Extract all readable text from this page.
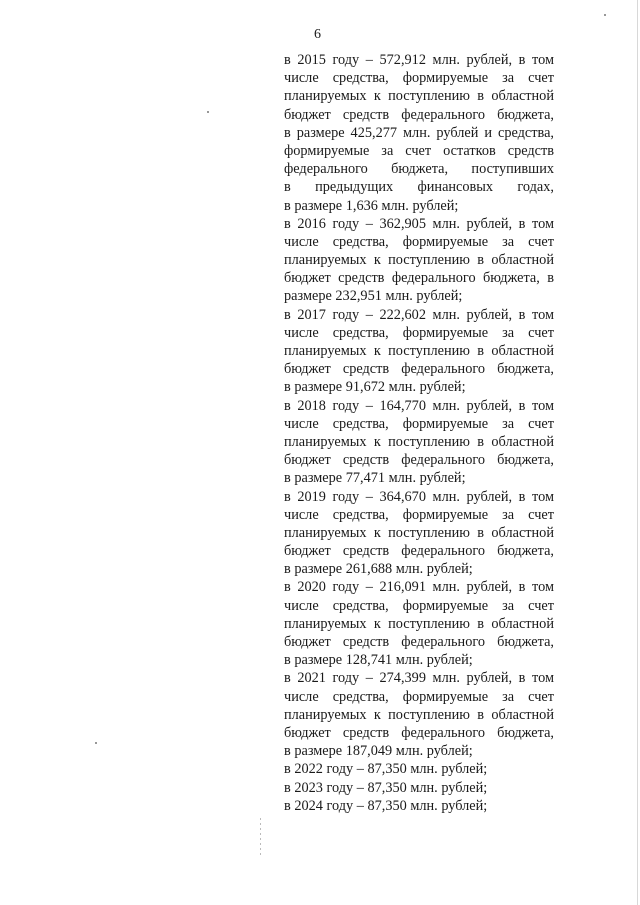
6
в 2015 году – 572,912 млн. рублей, в том
числе средства, формируемые за счет
планируемых к поступлению в областной
бюджет средств федерального бюджета,
в размере 425,277 млн. рублей и средства,
формируемые за счет остатков средств
федерального бюджета, поступивших
в предыдущих финансовых годах,
в размере 1,636 млн. рублей;
в 2016 году – 362,905 млн. рублей, в том
числе средства, формируемые за счет
планируемых к поступлению в областной
бюджет средств федерального бюджета, в
размере 232,951 млн. рублей;
в 2017 году – 222,602 млн. рублей, в том
числе средства, формируемые за счет
планируемых к поступлению в областной
бюджет средств федерального бюджета,
в размере 91,672 млн. рублей;
в 2018 году – 164,770 млн. рублей, в том
числе средства, формируемые за счет
планируемых к поступлению в областной
бюджет средств федерального бюджета,
в размере 77,471 млн. рублей;
в 2019 году – 364,670 млн. рублей, в том
числе средства, формируемые за счет
планируемых к поступлению в областной
бюджет средств федерального бюджета,
в размере 261,688 млн. рублей;
в 2020 году – 216,091 млн. рублей, в том
числе средства, формируемые за счет
планируемых к поступлению в областной
бюджет средств федерального бюджета,
в размере 128,741 млн. рублей;
в 2021 году – 274,399 млн. рублей, в том
числе средства, формируемые за счет
планируемых к поступлению в областной
бюджет средств федерального бюджета,
в размере 187,049 млн. рублей;
в 2022 году – 87,350 млн. рублей;
в 2023 году – 87,350 млн. рублей;
в 2024 году – 87,350 млн. рублей;
